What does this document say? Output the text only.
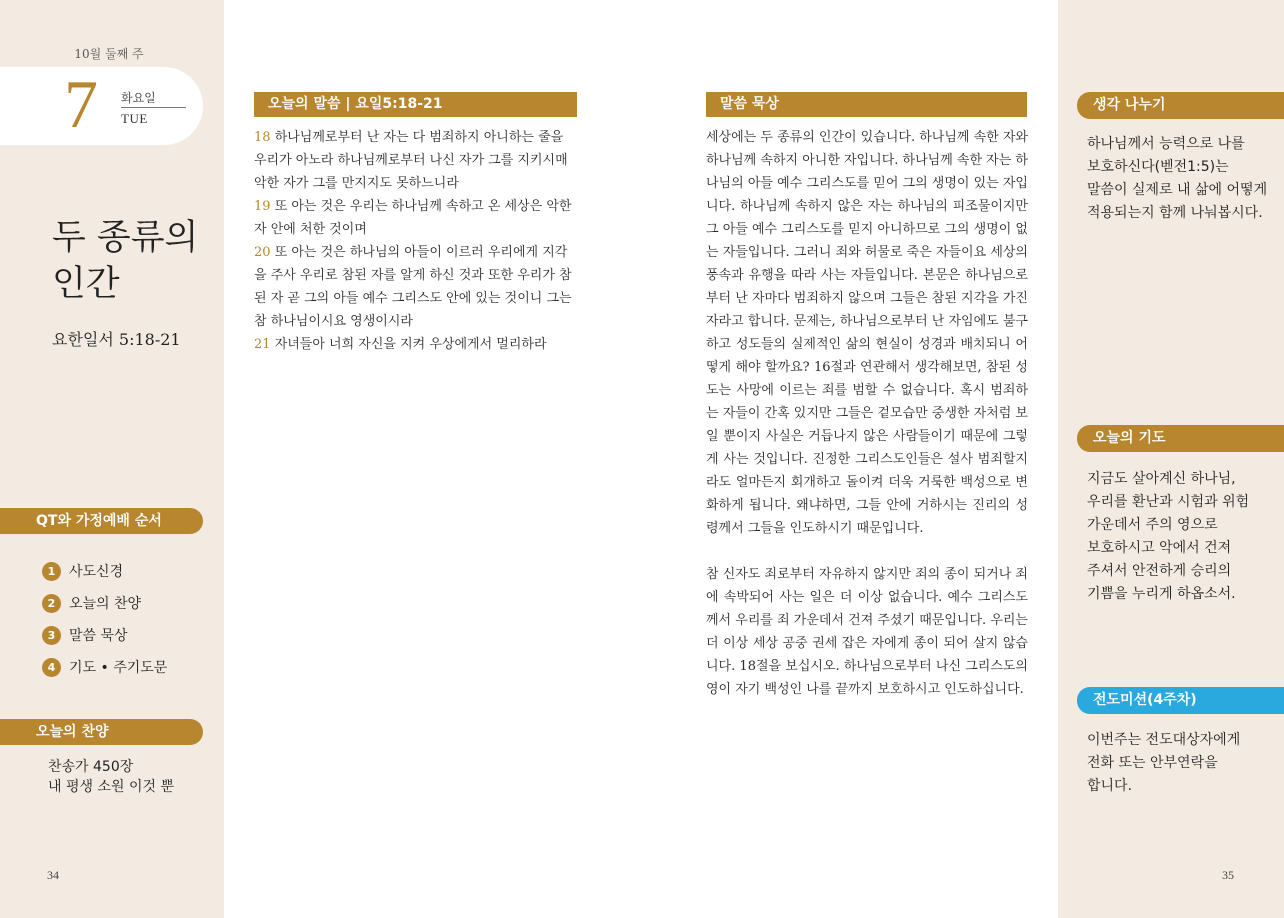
10월 둘째 주
7 화요일
TUE
두 종류의
인간
요한일서 5:18-21
QT와 가정예배 순서
1 사도신경
2 오늘의 찬양
3 말씀 묵상
4 기도 • 주기도문
오늘의 찬양
찬송가 450장
내 평생 소원 이것 뿐
34
오늘의 말씀 | 요일5:18-21

18 하나님께로부터 난 자는 다 범죄하지 아니하는 줄을 우리가 아노라 하나님께로부터 나신 자가 그를 지키시매 악한 자가 그를 만지지도 못하느니라

19 또 아는 것은 우리는 하나님께 속하고 온 세상은 악한 자 안에 처한 것이며

20 또 아는 것은 하나님의 아들이 이르러 우리에게 지각을 주사 우리로 참된 자를 알게 하신 것과 또한 우리가 참된 자 곧 그의 아들 예수 그리스도 안에 있는 것이니 그는 참 하나님이시요 영생이시라

21 자녀들아 너희 자신을 지켜 우상에게서 멀리하라

말씀 묵상

세상에는 두 종류의 인간이 있습니다. 하나님께 속한 자와 하나님께 속하지 아니한 자입니다. 하나님께 속한 자는 하나님의 아들 예수 그리스도를 믿어 그의 생명이 있는 자입니다. 하나님께 속하지 않은 자는 하나님의 피조물이지만 그 아들 예수 그리스도를 믿지 아니하므로 그의 생명이 없는 자들입니다. 그러니 죄와 허물로 죽은 자들이요 세상의 풍속과 유행을 따라 사는 자들입니다. 본문은 하나님으로부터 난 자마다 범죄하지 않으며 그들은 참된 지각을 가진 자라고 합니다. 문제는, 하나님으로부터 난 자임에도 불구하고 성도들의 실제적인 삶의 현실이 성경과 배치되니 어떻게 해야 할까요? 16절과 연관해서 생각해보면, 참된 성도는 사망에 이르는 죄를 범할 수 없습니다. 혹시 범죄하는 자들이 간혹 있지만 그들은 겉모습만 중생한 자처럼 보일 뿐이지 사실은 거듭나지 않은 사람들이기 때문에 그렇게 사는 것입니다. 진정한 그리스도인들은 설사 범죄할지라도 얼마든지 회개하고 돌이켜 더욱 거룩한 백성으로 변화하게 됩니다. 왜냐하면, 그들 안에 거하시는 진리의 성령께서 그들을 인도하시기 때문입니다.

참 신자도 죄로부터 자유하지 않지만 죄의 종이 되거나 죄에 속박되어 사는 일은 더 이상 없습니다. 예수 그리스도께서 우리를 죄 가운데서 건져 주셨기 때문입니다. 우리는 더 이상 세상 공중 권세 잡은 자에게 종이 되어 살지 않습니다. 18절을 보십시오. 하나님으로부터 나신 그리스도의 영이 자기 백성인 나를 끝까지 보호하시고 인도하십니다.

35
생각 나누기
하나님께서 능력으로 나를
보호하신다(벧전1:5)는
말씀이 실제로 내 삶에 어떻게
적용되는지 함께 나눠봅시다.
오늘의 기도
지금도 살아계신 하나님,
우리를 환난과 시험과 위험
가운데서 주의 영으로
보호하시고 악에서 건져
주셔서 안전하게 승리의
기쁨을 누리게 하옵소서.
전도미션(4주차)
이번주는 전도대상자에게
전화 또는 안부연락을
합니다.
